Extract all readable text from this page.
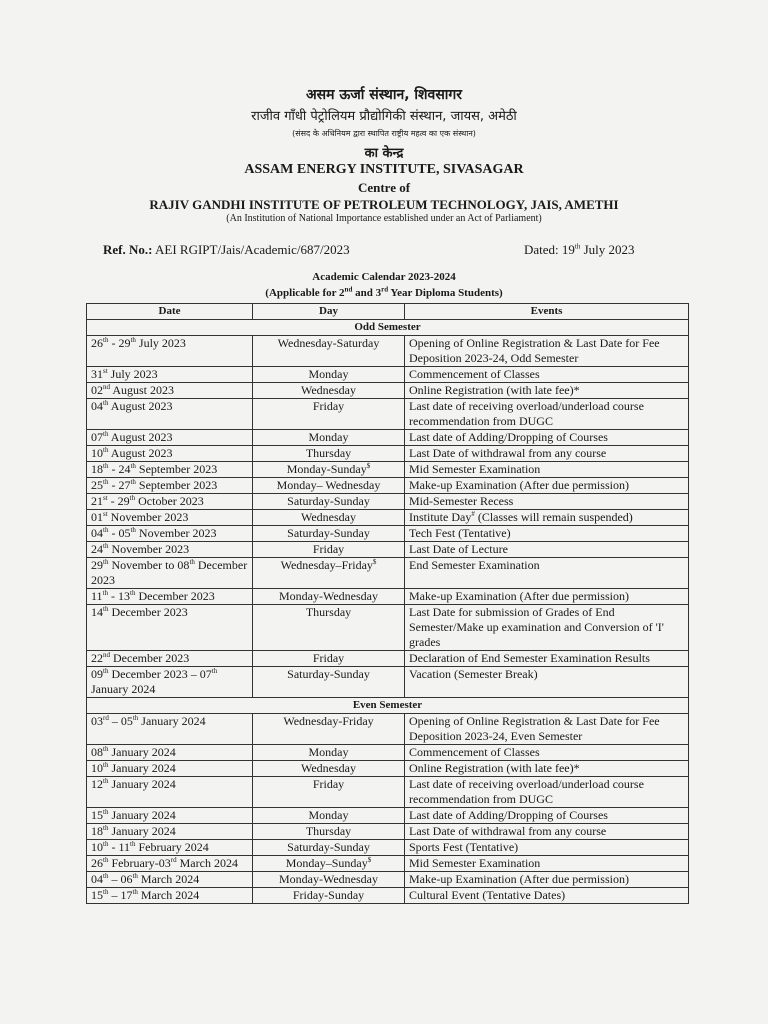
असम ऊर्जा संस्थान, शिवसागर
राजीव गाँधी पेट्रोलियम प्रौद्योगिकी संस्थान, जायस, अमेठी
(संसद के अधिनियम द्वारा स्थापित राष्ट्रीय महत्व का एक संस्थान)
का केन्द्र
ASSAM ENERGY INSTITUTE, SIVASAGAR
Centre of
RAJIV GANDHI INSTITUTE OF PETROLEUM TECHNOLOGY, JAIS, AMETHI
(An Institution of National Importance established under an Act of Parliament)
Ref. No.: AEI RGIPT/Jais/Academic/687/2023	Dated: 19th July 2023
Academic Calendar 2023-2024
(Applicable for 2nd and 3rd Year Diploma Students)
Date	Day	Events
Odd Semester		
26th - 29th July 2023	Wednesday-Saturday	Opening of Online Registration & Last Date for Fee Deposition 2023-24, Odd Semester
31st July 2023	Monday	Commencement of Classes
02nd August 2023	Wednesday	Online Registration (with late fee)*
04th August 2023	Friday	Last date of receiving overload/underload course recommendation from DUGC
07th August 2023	Monday	Last date of Adding/Dropping of Courses
10th August 2023	Thursday	Last Date of withdrawal from any course
18th - 24th September 2023	Monday-Sunday$	Mid Semester Examination
25th - 27th September 2023	Monday– Wednesday	Make-up Examination (After due permission)
21st - 29th October 2023	Saturday-Sunday	Mid-Semester Recess
01st November 2023	Wednesday	Institute Day# (Classes will remain suspended)
04th - 05th November 2023	Saturday-Sunday	Tech Fest (Tentative)
24th November 2023	Friday	Last Date of Lecture
29th November to 08th December 2023	Wednesday–Friday$	End Semester Examination
11th - 13th December 2023	Monday-Wednesday	Make-up Examination (After due permission)
14th December 2023	Thursday	Last Date for submission of Grades of End Semester/Make up examination and Conversion of 'I' grades
22nd December 2023	Friday	Declaration of End Semester Examination Results
09th December 2023 – 07th January 2024	Saturday-Sunday	Vacation (Semester Break)
Even Semester		
03rd – 05th January 2024	Wednesday-Friday	Opening of Online Registration & Last Date for Fee Deposition 2023-24, Even Semester
08th January 2024	Monday	Commencement of Classes
10th January 2024	Wednesday	Online Registration (with late fee)*
12th January 2024	Friday	Last date of receiving overload/underload course recommendation from DUGC
15th January 2024	Monday	Last date of Adding/Dropping of Courses
18th January 2024	Thursday	Last Date of withdrawal from any course
10th - 11th February 2024	Saturday-Sunday	Sports Fest (Tentative)
26th February-03rd March 2024	Monday–Sunday$	Mid Semester Examination
04th – 06th March 2024	Monday-Wednesday	Make-up Examination (After due permission)
15th – 17th March 2024	Friday-Sunday	Cultural Event (Tentative Dates)
